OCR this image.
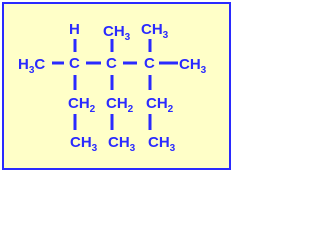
H $CH_3$ $CH_3$
$H_3C$ C C C $CH_3$
$CH_2$ $CH_2$ $CH_2$
$CH_3$ $CH_3$ $CH_3$
